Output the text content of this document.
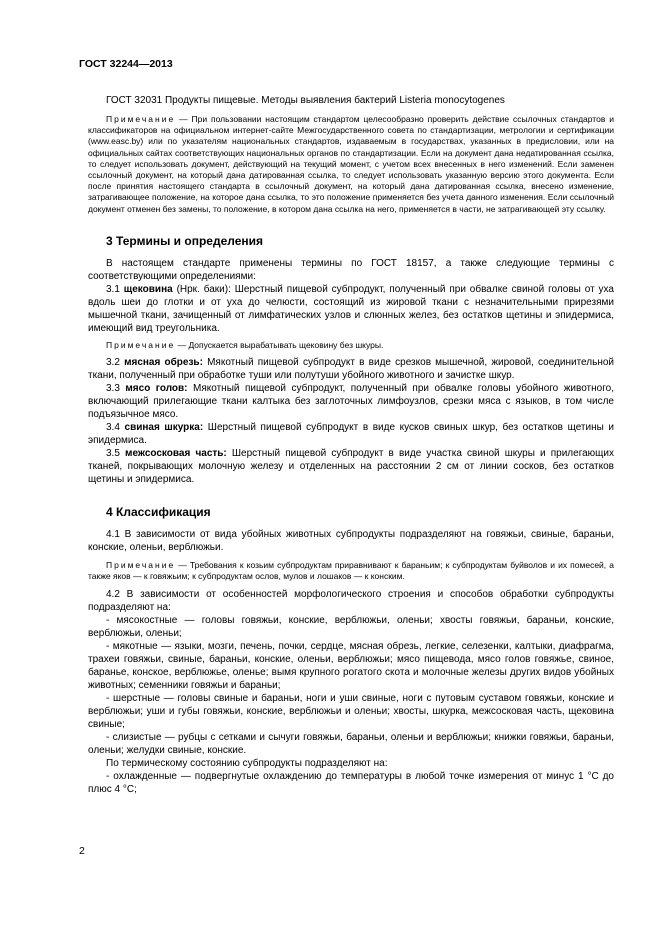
ГОСТ 32244—2013

ГОСТ 32031 Продукты пищевые. Методы выявления бактерий Listeria monocytogenes

Примечание — При пользовании настоящим стандартом целесообразно проверить действие ссылочных стандартов и классификаторов на официальном интернет-сайте Межгосударственного совета по стандартизации, метрологии и сертификации (www.easc.by) или по указателям национальных стандартов, издаваемым в государствах, указанных в предисловии, или на официальных сайтах соответствующих национальных органов по стандартизации. Если на документ дана недатированная ссылка, то следует использовать документ, действующий на текущий момент, с учетом всех внесенных в него изменений. Если заменен ссылочный документ, на который дана датированная ссылка, то следует использовать указанную версию этого документа. Если после принятия настоящего стандарта в ссылочный документ, на который дана датированная ссылка, внесено изменение, затрагивающее положение, на которое дана ссылка, то это положение применяется без учета данного изменения. Если ссылочный документ отменен без замены, то положение, в котором дана ссылка на него, применяется в части, не затрагивающей эту ссылку.

3 Термины и определения

В настоящем стандарте применены термины по ГОСТ 18157, а также следующие термины с соответствующими определениями:

3.1 щековина (Нрк. баки): Шерстный пищевой субпродукт, полученный при обвалке свиной головы от уха вдоль шеи до глотки и от уха до челюсти, состоящий из жировой ткани с незначительными прирезями мышечной ткани, зачищенный от лимфатических узлов и слюнных желез, без остатков щетины и эпидермиса, имеющий вид треугольника.

Примечание — Допускается вырабатывать щековину без шкуры.

3.2 мясная обрезь: Мякотный пищевой субпродукт в виде срезков мышечной, жировой, соединительной ткани, полученный при обработке туши или полутуши убойного животного и зачистке шкур.

3.3 мясо голов: Мякотный пищевой субпродукт, полученный при обвалке головы убойного животного, включающий прилегающие ткани калтыка без заглоточных лимфоузлов, срезки мяса с языков, в том числе подъязычное мясо.

3.4 свиная шкурка: Шерстный пищевой субпродукт в виде кусков свиных шкур, без остатков щетины и эпидермиса.

3.5 межсосковая часть: Шерстный пищевой субпродукт в виде участка свиной шкуры и прилегающих тканей, покрывающих молочную железу и отделенных на расстоянии 2 см от линии сосков, без остатков щетины и эпидермиса.

4 Классификация

4.1 В зависимости от вида убойных животных субпродукты подразделяют на говяжьи, свиные, бараньи, конские, оленьи, верблюжьи.

Примечание — Требования к козьим субпродуктам приравнивают к бараньим; к субпродуктам буйволов и их помесей, а также яков — к говяжьим; к субпродуктам ослов, мулов и лошаков — к конским.

4.2 В зависимости от особенностей морфологического строения и способов обработки субпродукты подразделяют на:

- мясокостные — головы говяжьи, конские, верблюжьи, оленьи; хвосты говяжьи, бараньи, конские, верблюжьи, оленьи;

- мякотные — языки, мозги, печень, почки, сердце, мясная обрезь, легкие, селезенки, калтыки, диафрагма, трахеи говяжьи, свиные, бараньи, конские, оленьи, верблюжьи; мясо пищевода, мясо голов говяжье, свиное, баранье, конское, верблюжье, оленье; вымя крупного рогатого скота и молочные железы других видов убойных животных; семенники говяжьи и бараньи;

- шерстные — головы свиные и бараньи, ноги и уши свиные, ноги с путовым суставом говяжьи, конские и верблюжьи; уши и губы говяжьи, конские, верблюжьи и оленьи; хвосты, шкурка, межсосковая часть, щековина свиные;

- слизистые — рубцы с сетками и сычуги говяжьи, бараньи, оленьи и верблюжьи; книжки говяжьи, бараньи, оленьи; желудки свиные, конские.

По термическому состоянию субпродукты подразделяют на:

- охлажденные — подвергнутые охлаждению до температуры в любой точке измерения от минус 1 °С до плюс 4 °С;

2
